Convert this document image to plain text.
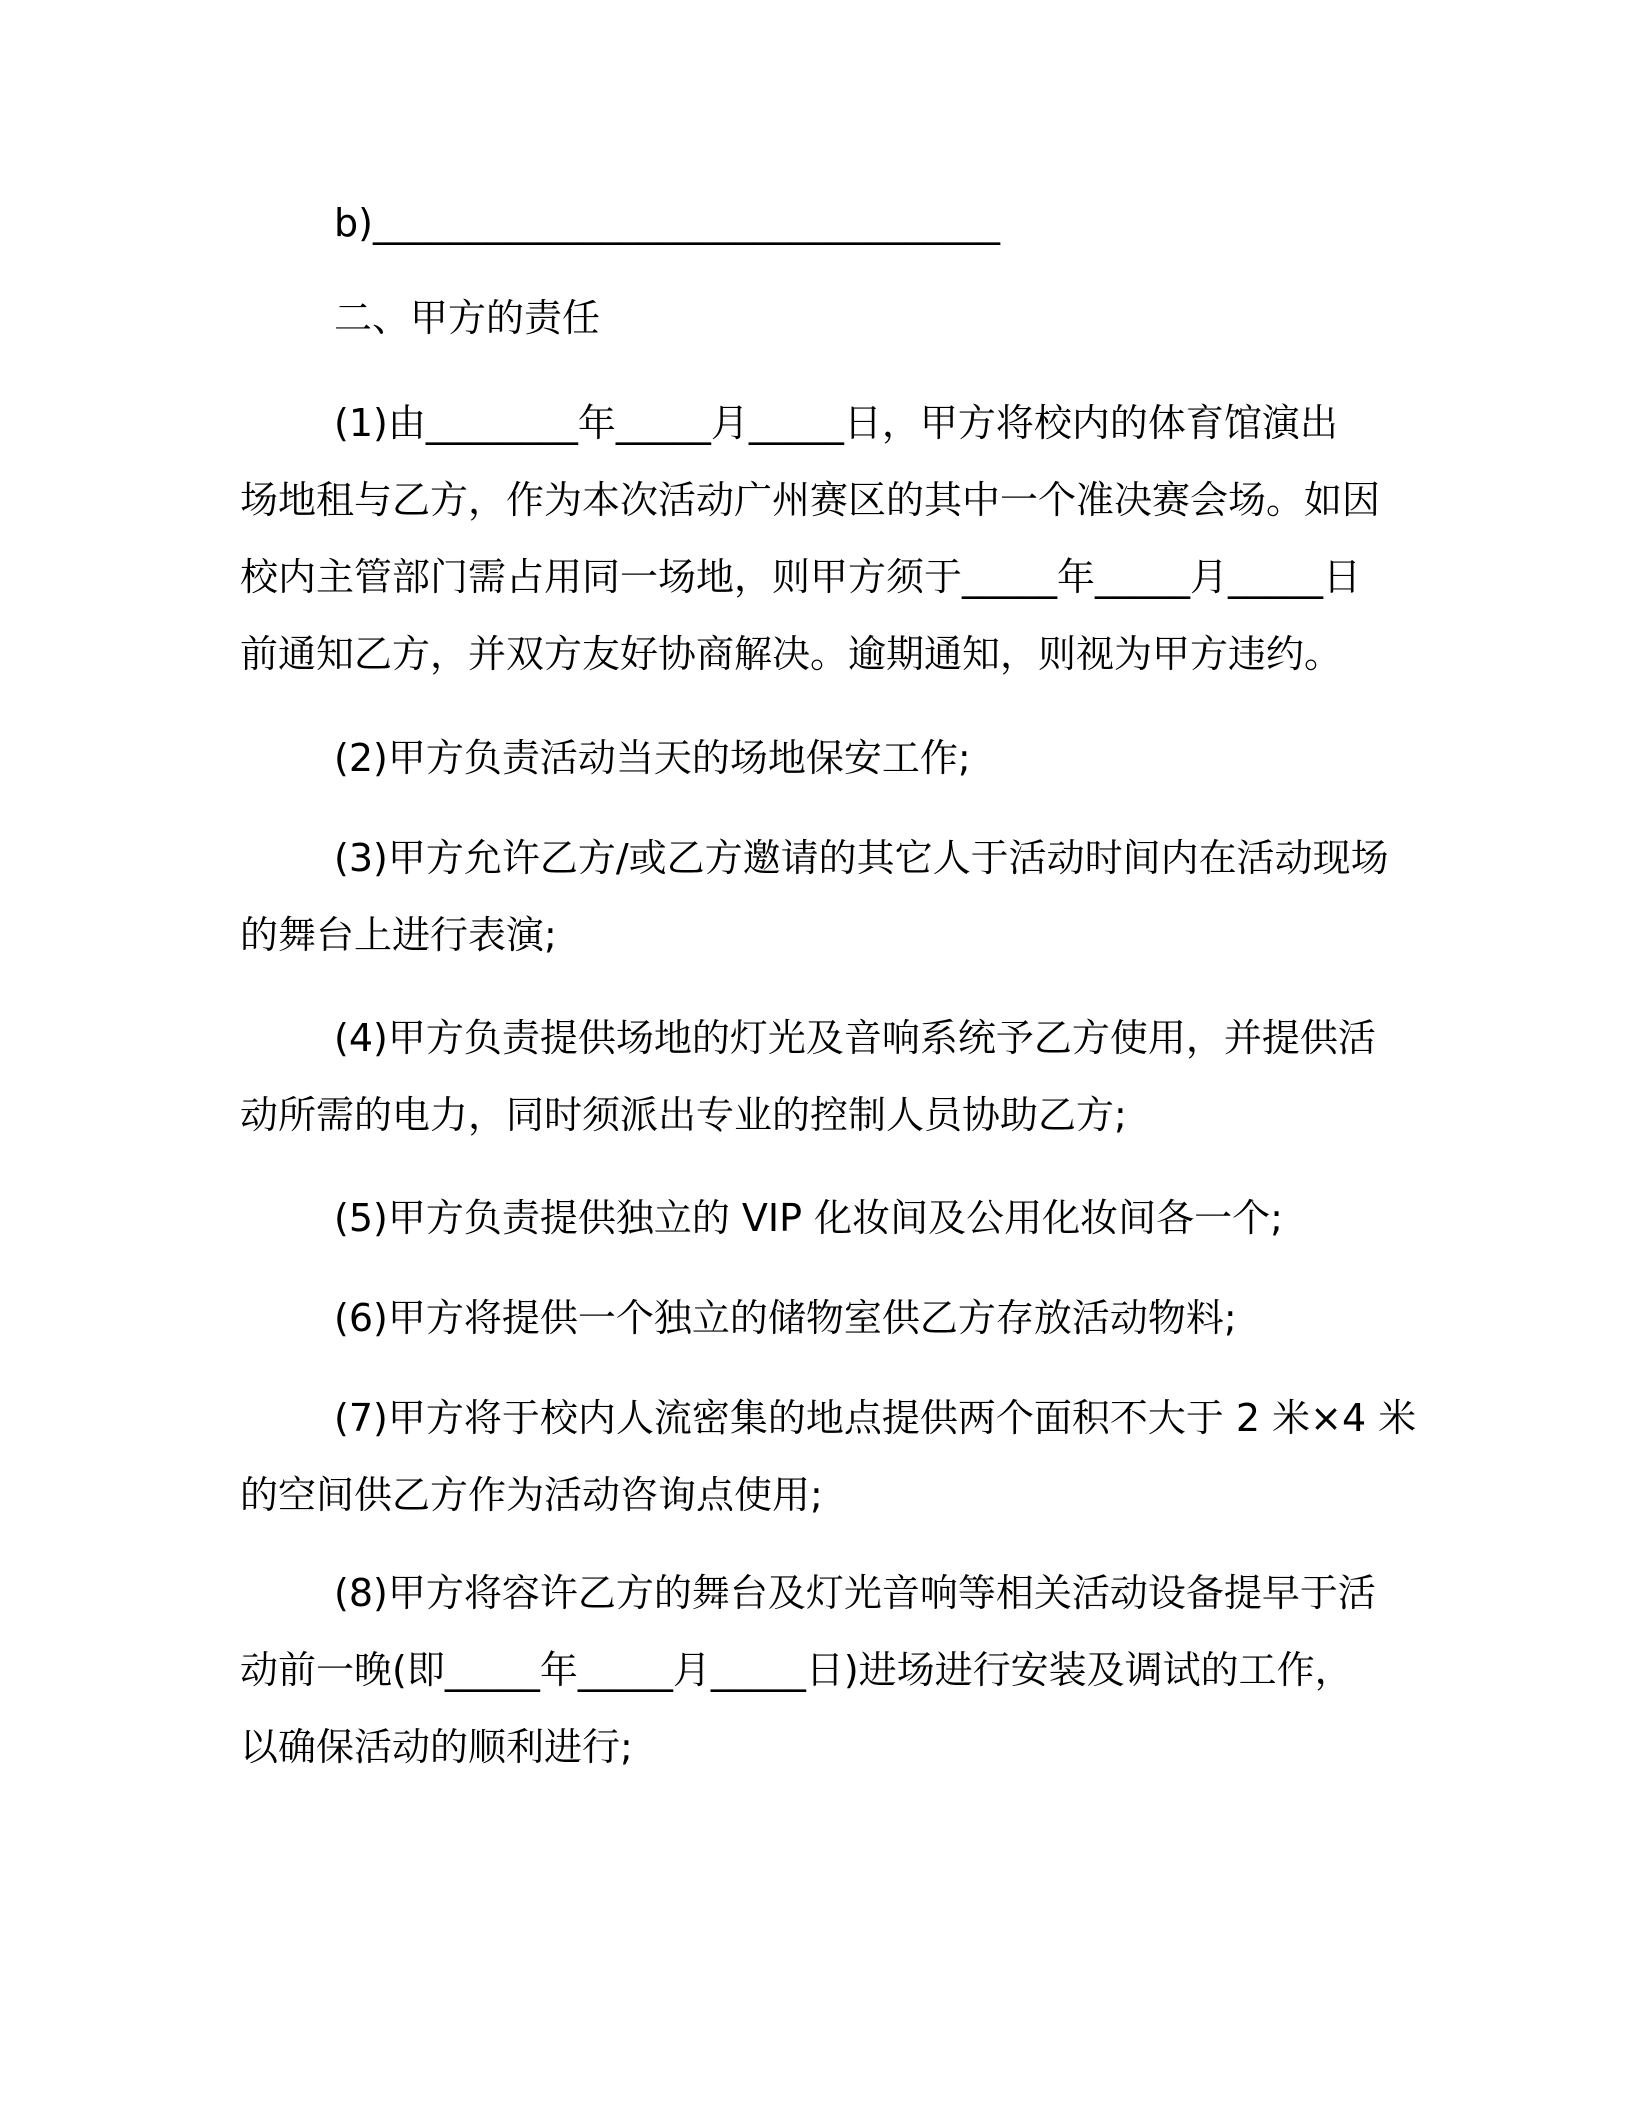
b)_________________________________

二、甲方的责任

(1)由________年_____月_____日，甲方将校内的体育馆演出
场地租与乙方，作为本次活动广州赛区的其中一个准决赛会场。如因
校内主管部门需占用同一场地，则甲方须于_____年_____月_____日
前通知乙方，并双方友好协商解决。逾期通知，则视为甲方违约。

(2)甲方负责活动当天的场地保安工作;

(3)甲方允许乙方/或乙方邀请的其它人于活动时间内在活动现场
的舞台上进行表演;

(4)甲方负责提供场地的灯光及音响系统予乙方使用，并提供活
动所需的电力，同时须派出专业的控制人员协助乙方;

(5)甲方负责提供独立的 VIP 化妆间及公用化妆间各一个;

(6)甲方将提供一个独立的储物室供乙方存放活动物料;

(7)甲方将于校内人流密集的地点提供两个面积不大于 2 米×4 米
的空间供乙方作为活动咨询点使用;

(8)甲方将容许乙方的舞台及灯光音响等相关活动设备提早于活
动前一晚(即_____年_____月_____日)进场进行安装及调试的工作，
以确保活动的顺利进行;
